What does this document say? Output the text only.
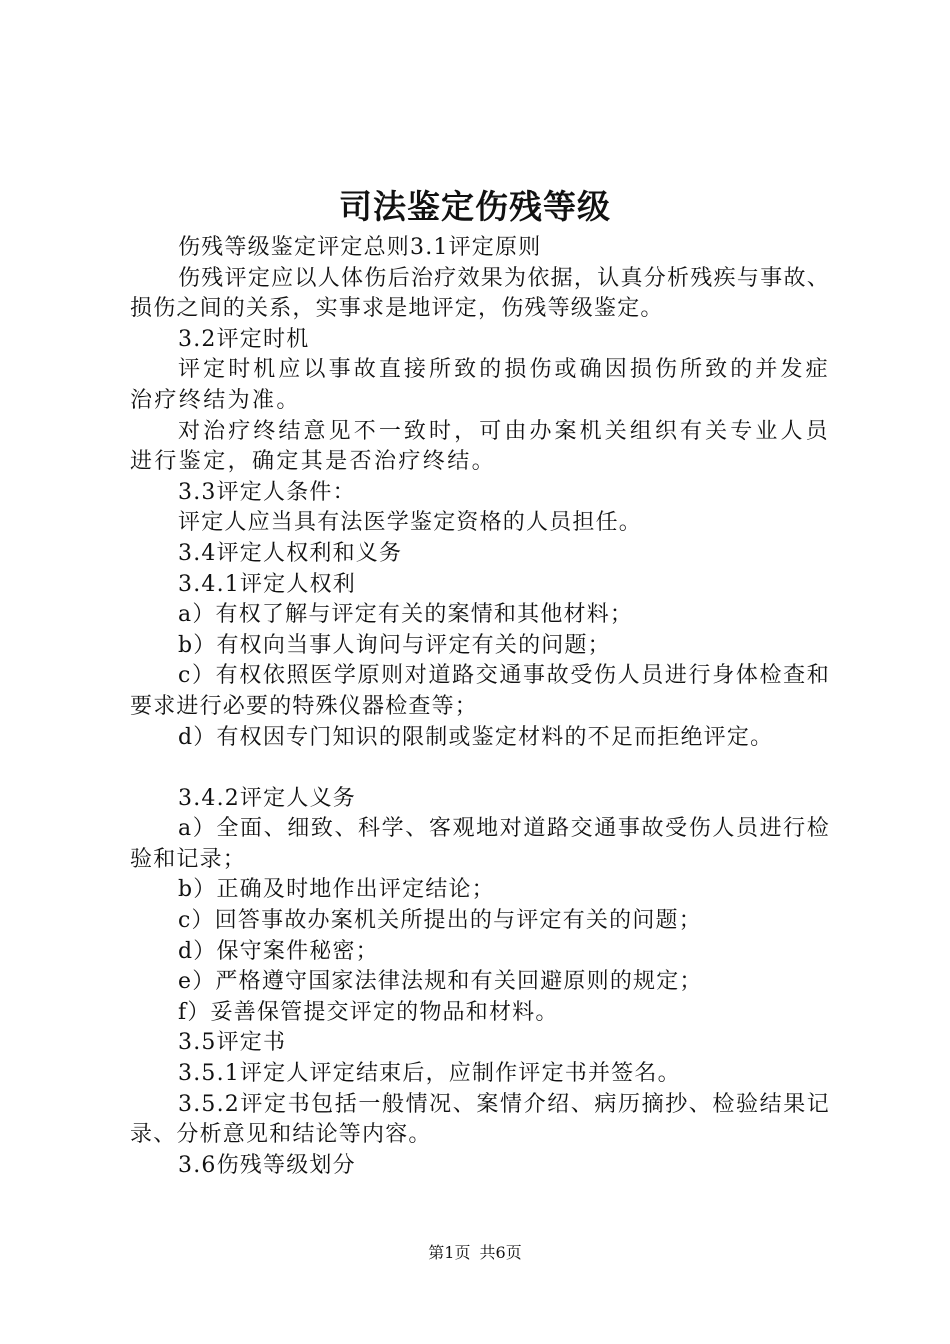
司法鉴定伤残等级

伤残等级鉴定评定总则3.1评定原则

伤残评定应以人体伤后治疗效果为依据，认真分析残疾与事故、损伤之间的关系，实事求是地评定，伤残等级鉴定。

3.2评定时机

评定时机应以事故直接所致的损伤或确因损伤所致的并发症治疗终结为准。

对治疗终结意见不一致时，可由办案机关组织有关专业人员进行鉴定，确定其是否治疗终结。

3.3评定人条件：

评定人应当具有法医学鉴定资格的人员担任。

3.4评定人权利和义务

3.4.1评定人权利

a）有权了解与评定有关的案情和其他材料；

b）有权向当事人询问与评定有关的问题；

c）有权依照医学原则对道路交通事故受伤人员进行身体检查和要求进行必要的特殊仪器检查等；

d）有权因专门知识的限制或鉴定材料的不足而拒绝评定。

3.4.2评定人义务

a）全面、细致、科学、客观地对道路交通事故受伤人员进行检验和记录；

b）正确及时地作出评定结论；

c）回答事故办案机关所提出的与评定有关的问题；

d）保守案件秘密；

e）严格遵守国家法律法规和有关回避原则的规定；

f）妥善保管提交评定的物品和材料。

3.5评定书

3.5.1评定人评定结束后，应制作评定书并签名。

3.5.2评定书包括一般情况、案情介绍、病历摘抄、检验结果记录、分析意见和结论等内容。

3.6伤残等级划分

第1页 共6页
